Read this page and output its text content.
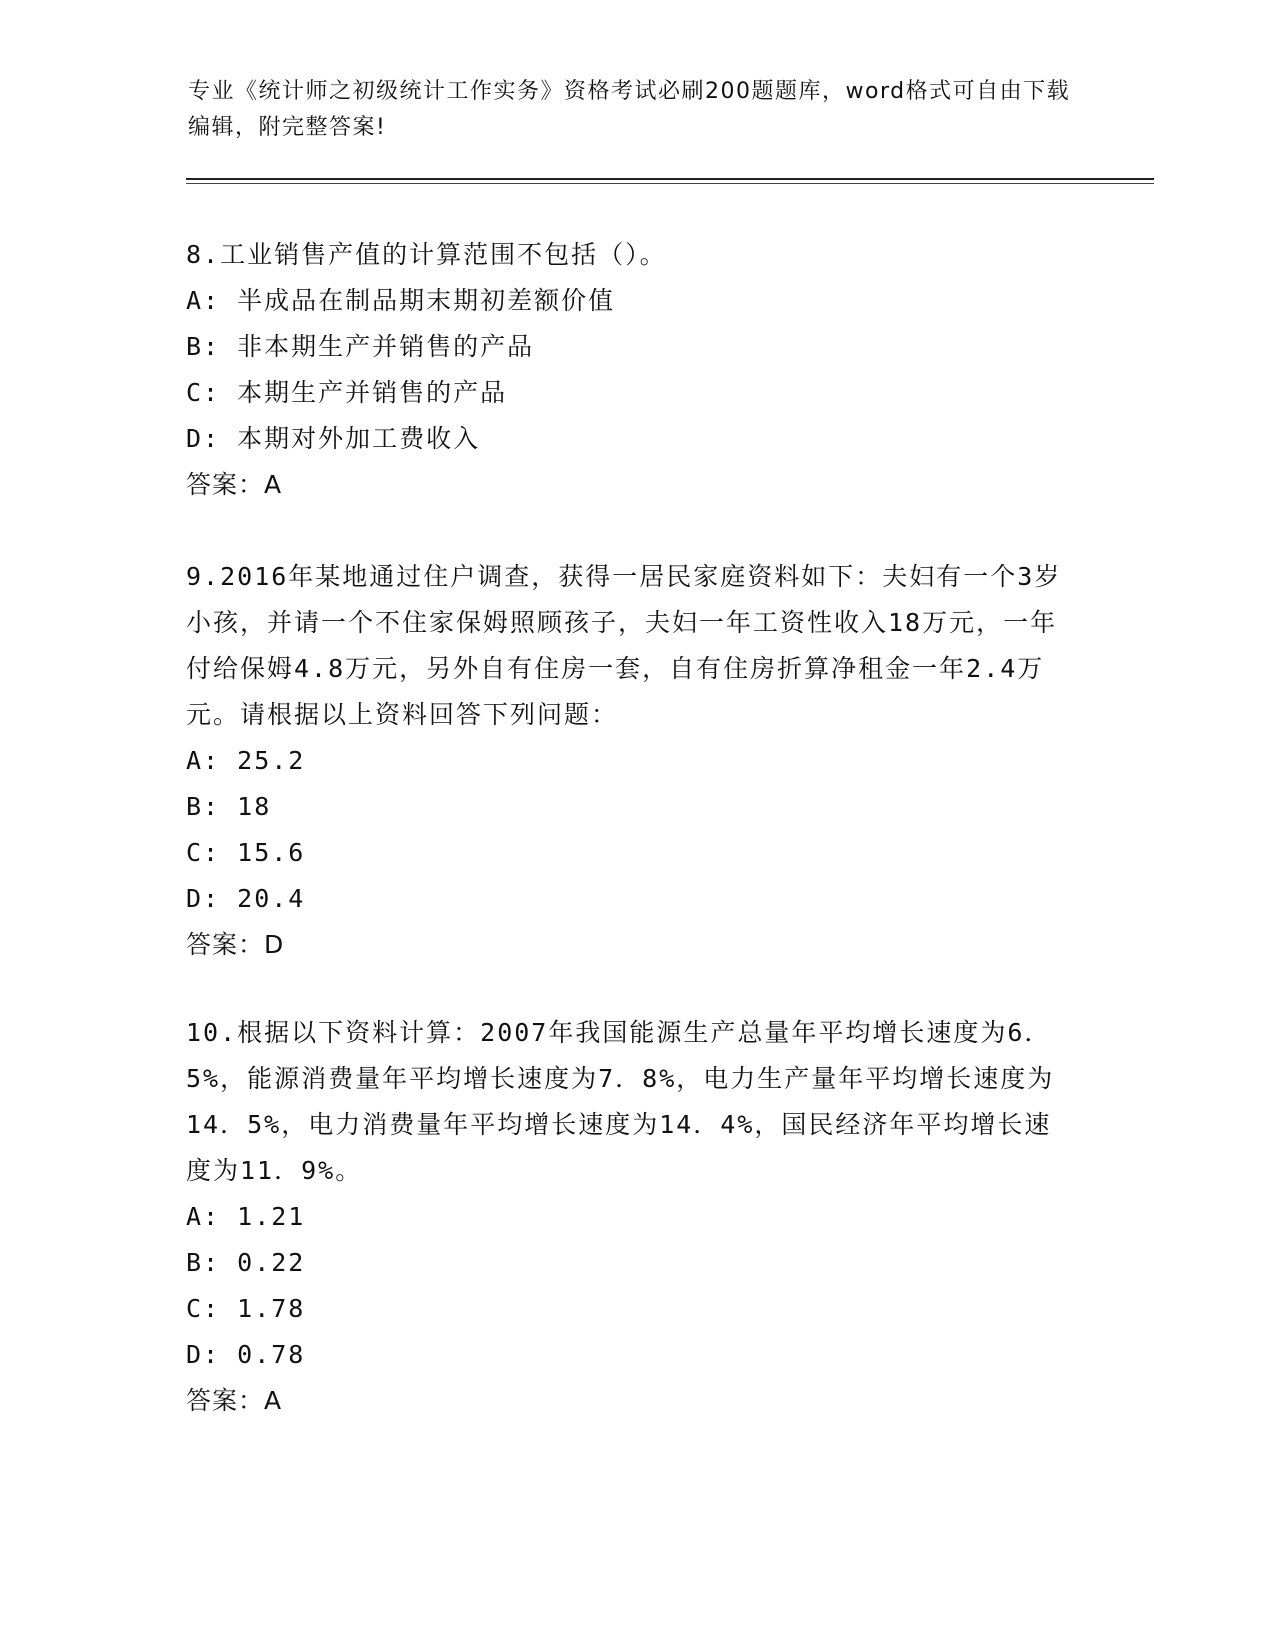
专业《统计师之初级统计工作实务》资格考试必刷200题题库，word格式可自由下载编辑，附完整答案!

8.工业销售产值的计算范围不包括（）。

A: 半成品在制品期末期初差额价值

B: 非本期生产并销售的产品

C: 本期生产并销售的产品

D: 本期对外加工费收入

答案：A

9.2016年某地通过住户调查，获得一居民家庭资料如下：夫妇有一个3岁小孩，并请一个不住家保姆照顾孩子，夫妇一年工资性收入18万元，一年付给保姆4.8万元，另外自有住房一套，自有住房折算净租金一年2.4万元。请根据以上资料回答下列问题：

A: 25.2

B: 18

C: 15.6

D: 20.4

答案：D

10.根据以下资料计算：2007年我国能源生产总量年平均增长速度为6．5%，能源消费量年平均增长速度为7．8%，电力生产量年平均增长速度为14．5%，电力消费量年平均增长速度为14．4%，国民经济年平均增长速度为11．9%。

A: 1.21

B: 0.22

C: 1.78

D: 0.78

答案：A
